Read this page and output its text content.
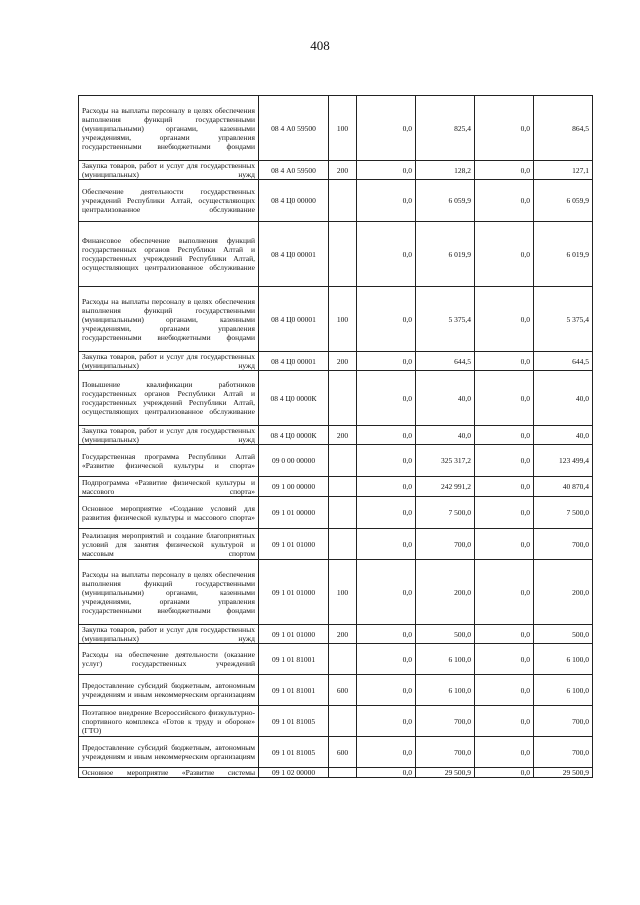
408
Расходы на выплаты персоналу в целях обеспечения выполнения функций государственными (муниципальными) органами, казенными учреждениями, органами управления государственными внебюджетными фондами	08 4 А0 59500	100	0,0	825,4	0,0	864,5
Закупка товаров, работ и услуг для государственных (муниципальных) нужд	08 4 А0 59500	200	0,0	128,2	0,0	127,1
Обеспечение деятельности государственных учреждений Республики Алтай, осуществляющих централизованное обслуживание	08 4 Ц0 00000		0,0	6 059,9	0,0	6 059,9
Финансовое обеспечение выполнения функций государственных органов Республики Алтай и государственных учреждений Республики Алтай, осуществляющих централизованное обслуживание	08 4 Ц0 00001		0,0	6 019,9	0,0	6 019,9
Расходы на выплаты персоналу в целях обеспечения выполнения функций государственными (муниципальными) органами, казенными учреждениями, органами управления государственными внебюджетными фондами	08 4 Ц0 00001	100	0,0	5 375,4	0,0	5 375,4
Закупка товаров, работ и услуг для государственных (муниципальных) нужд	08 4 Ц0 00001	200	0,0	644,5	0,0	644,5
Повышение квалификации работников государственных органов Республики Алтай и государственных учреждений Республики Алтай, осуществляющих централизованное обслуживание	08 4 Ц0 0000К		0,0	40,0	0,0	40,0
Закупка товаров, работ и услуг для государственных (муниципальных) нужд	08 4 Ц0 0000К	200	0,0	40,0	0,0	40,0
Государственная программа Республики Алтай «Развитие физической культуры и спорта»	09 0 00 00000		0,0	325 317,2	0,0	123 499,4
Подпрограмма «Развитие физической культуры и массового спорта»	09 1 00 00000		0,0	242 991,2	0,0	40 870,4
Основное мероприятие «Создание условий для развития физической культуры и массового спорта»	09 1 01 00000		0,0	7 500,0	0,0	7 500,0
Реализация мероприятий и создание благоприятных условий для занятия физической культурой и массовым спортом	09 1 01 01000		0,0	700,0	0,0	700,0
Расходы на выплаты персоналу в целях обеспечения выполнения функций государственными (муниципальными) органами, казенными учреждениями, органами управления государственными внебюджетными фондами	09 1 01 01000	100	0,0	200,0	0,0	200,0
Закупка товаров, работ и услуг для государственных (муниципальных) нужд	09 1 01 01000	200	0,0	500,0	0,0	500,0
Расходы на обеспечение деятельности (оказание услуг) государственных учреждений	09 1 01 81001		0,0	6 100,0	0,0	6 100,0
Предоставление субсидий бюджетным, автономным учреждениям и иным некоммерческим организациям	09 1 01 81001	600	0,0	6 100,0	0,0	6 100,0
Поэтапное внедрение Всероссийского физкультурно-спортивного комплекса «Готов к труду и обороне» (ГТО)	09 1 01 81005		0,0	700,0	0,0	700,0
Предоставление субсидий бюджетным, автономным учреждениям и иным некоммерческим организациям	09 1 01 81005	600	0,0	700,0	0,0	700,0
Основное мероприятие «Развитие системы	09 1 02 00000		0,0	29 500,9	0,0	29 500,9
